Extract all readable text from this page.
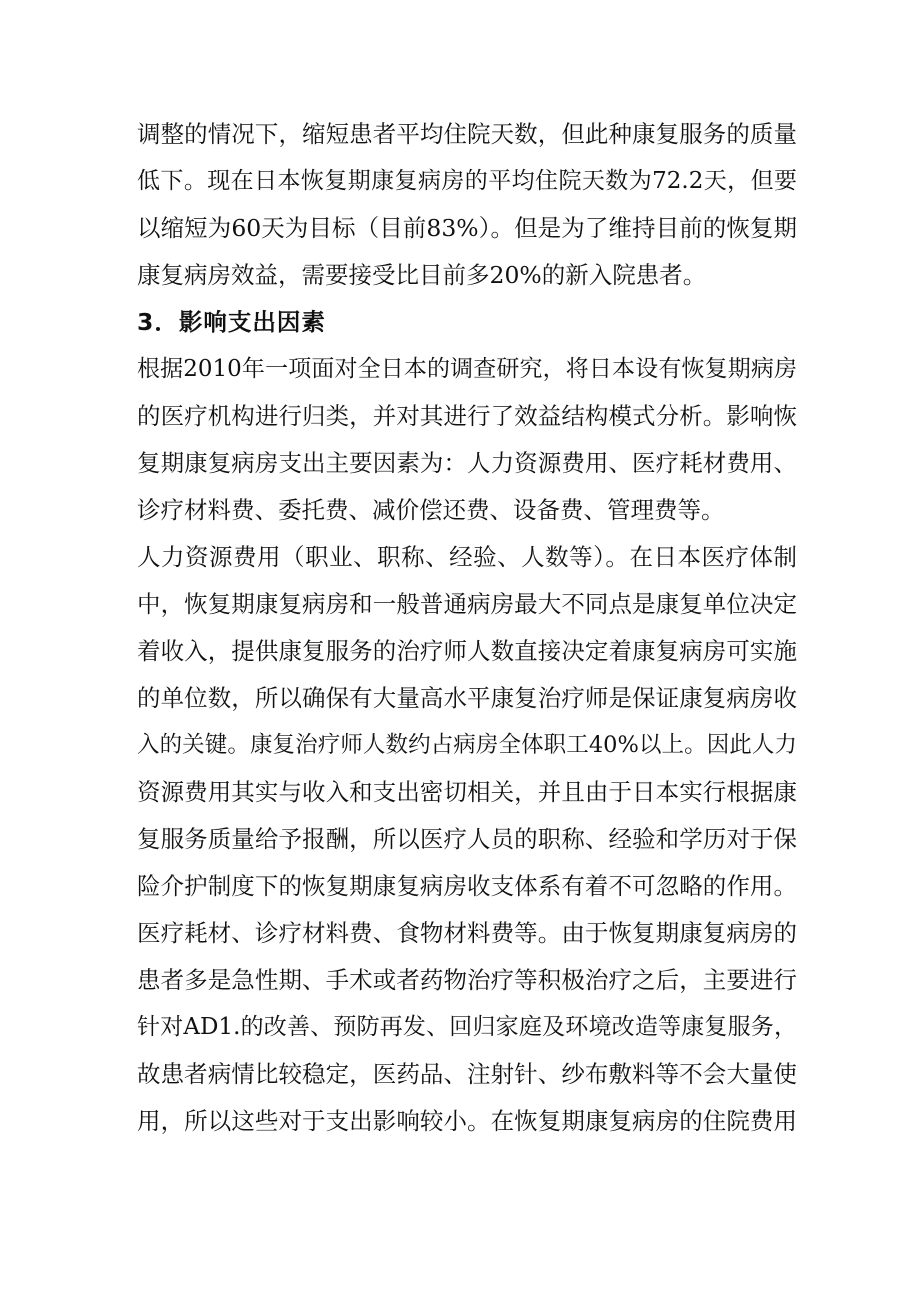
调整的情况下，缩短患者平均住院天数，但此种康复服务的质量
低下。现在日本恢复期康复病房的平均住院天数为72.2天，但要
以缩短为60天为目标（目前83%）。但是为了维持目前的恢复期
康复病房效益，需要接受比目前多20%的新入院患者。
3．影响支出因素
根据2010年一项面对全日本的调查研究，将日本设有恢复期病房
的医疗机构进行归类，并对其进行了效益结构模式分析。影响恢
复期康复病房支出主要因素为：人力资源费用、医疗耗材费用、
诊疗材料费、委托费、减价偿还费、设备费、管理费等。
人力资源费用（职业、职称、经验、人数等）。在日本医疗体制
中，恢复期康复病房和一般普通病房最大不同点是康复单位决定
着收入，提供康复服务的治疗师人数直接决定着康复病房可实施
的单位数，所以确保有大量高水平康复治疗师是保证康复病房收
入的关键。康复治疗师人数约占病房全体职工40%以上。因此人力
资源费用其实与收入和支出密切相关，并且由于日本实行根据康
复服务质量给予报酬，所以医疗人员的职称、经验和学历对于保
险介护制度下的恢复期康复病房收支体系有着不可忽略的作用。
医疗耗材、诊疗材料费、食物材料费等。由于恢复期康复病房的
患者多是急性期、手术或者药物治疗等积极治疗之后，主要进行
针对AD1.的改善、预防再发、回归家庭及环境改造等康复服务，
故患者病情比较稳定，医药品、注射针、纱布敷料等不会大量使
用，所以这些对于支出影响较小。在恢复期康复病房的住院费用
